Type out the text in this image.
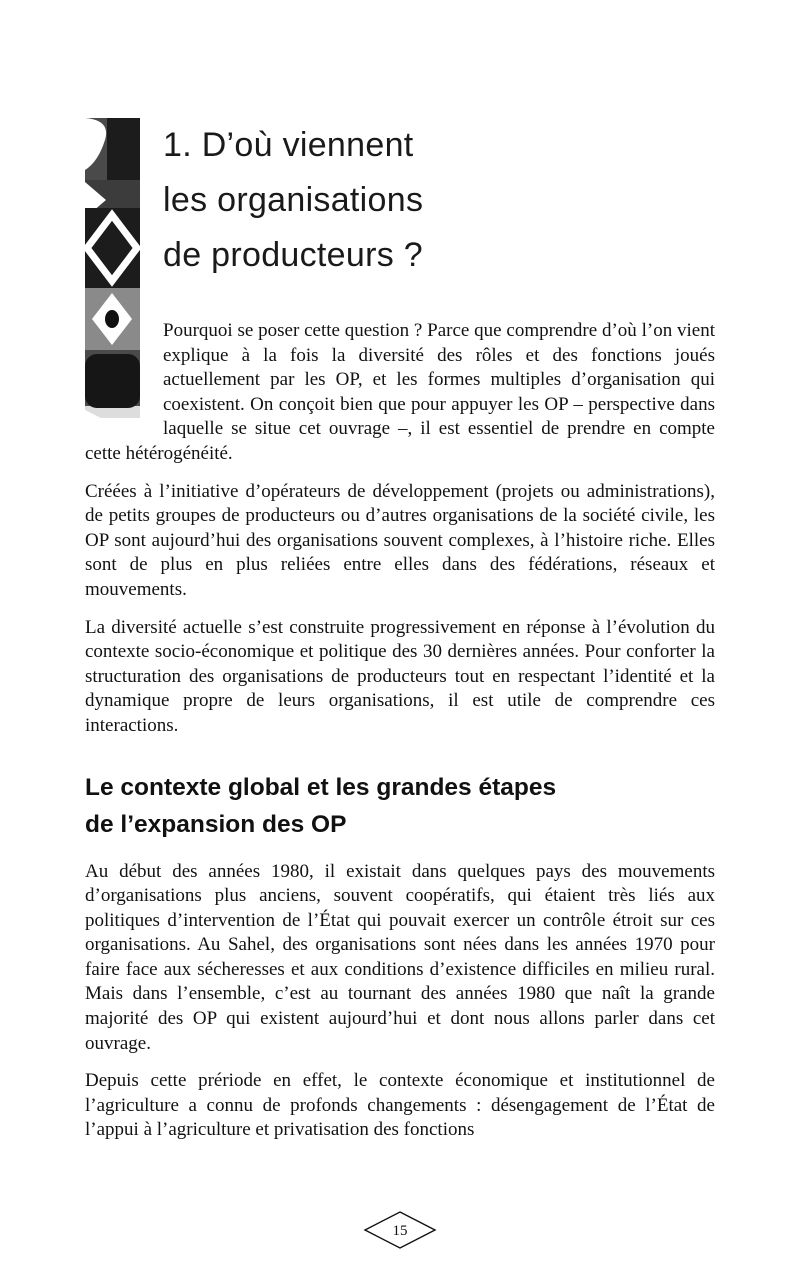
1. D’où viennent
les organisations
de producteurs ?

Pourquoi se poser cette question ? Parce que comprendre d’où l’on vient explique à la fois la diversité des rôles et des fonctions joués actuellement par les OP, et les formes multiples d’organisation qui coexistent. On conçoit bien que pour appuyer les OP – perspective dans laquelle se situe cet ouvrage –, il est essentiel de prendre en compte cette hétérogénéité.

Créées à l’initiative d’opérateurs de développement (projets ou administrations), de petits groupes de producteurs ou d’autres organisations de la société civile, les OP sont aujourd’hui des organisations souvent complexes, à l’histoire riche. Elles sont de plus en plus reliées entre elles dans des fédérations, réseaux et mouvements.

La diversité actuelle s’est construite progressivement en réponse à l’évolution du contexte socio-économique et politique des 30 dernières années. Pour conforter la structuration des organisations de producteurs tout en respectant l’identité et la dynamique propre de leurs organisations, il est utile de comprendre ces interactions.

Le contexte global et les grandes étapes
de l’expansion des OP

Au début des années 1980, il existait dans quelques pays des mouvements d’organisations plus anciens, souvent coopératifs, qui étaient très liés aux politiques d’intervention de l’État qui pouvait exercer un contrôle étroit sur ces organisations. Au Sahel, des organisations sont nées dans les années 1970 pour faire face aux sécheresses et aux conditions d’existence difficiles en milieu rural. Mais dans l’ensemble, c’est au tournant des années 1980 que naît la grande majorité des OP qui existent aujourd’hui et dont nous allons parler dans cet ouvrage.

Depuis cette prériode en effet, le contexte économique et institutionnel de l’agriculture a connu de profonds changements : désengagement de l’État de l’appui à l’agriculture et privatisation des fonctions

15
